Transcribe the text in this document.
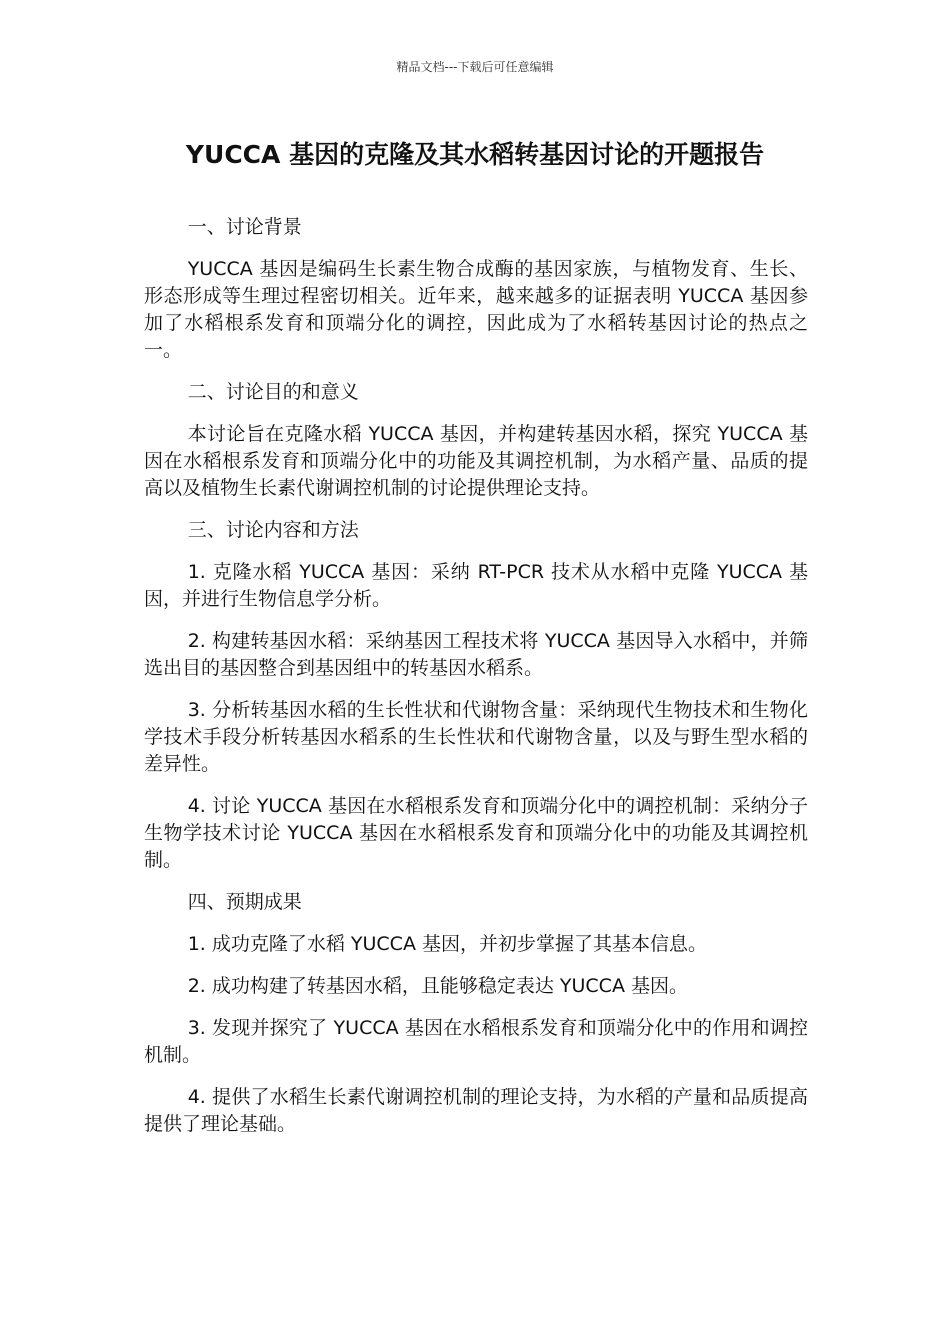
精品文档---下载后可任意编辑
YUCCA 基因的克隆及其水稻转基因讨论的开题报告

一、讨论背景

YUCCA 基因是编码生长素生物合成酶的基因家族，与植物发育、生长、形态形成等生理过程密切相关。近年来，越来越多的证据表明 YUCCA 基因参加了水稻根系发育和顶端分化的调控，因此成为了水稻转基因讨论的热点之一。

二、讨论目的和意义

本讨论旨在克隆水稻 YUCCA 基因，并构建转基因水稻，探究 YUCCA 基因在水稻根系发育和顶端分化中的功能及其调控机制，为水稻产量、品质的提高以及植物生长素代谢调控机制的讨论提供理论支持。

三、讨论内容和方法

1. 克隆水稻 YUCCA 基因：采纳 RT-PCR 技术从水稻中克隆 YUCCA 基因，并进行生物信息学分析。

2. 构建转基因水稻：采纳基因工程技术将 YUCCA 基因导入水稻中，并筛选出目的基因整合到基因组中的转基因水稻系。

3. 分析转基因水稻的生长性状和代谢物含量：采纳现代生物技术和生物化学技术手段分析转基因水稻系的生长性状和代谢物含量，以及与野生型水稻的差异性。

4. 讨论 YUCCA 基因在水稻根系发育和顶端分化中的调控机制：采纳分子生物学技术讨论 YUCCA 基因在水稻根系发育和顶端分化中的功能及其调控机制。

四、预期成果

1. 成功克隆了水稻 YUCCA 基因，并初步掌握了其基本信息。

2. 成功构建了转基因水稻，且能够稳定表达 YUCCA 基因。

3. 发现并探究了 YUCCA 基因在水稻根系发育和顶端分化中的作用和调控机制。

4. 提供了水稻生长素代谢调控机制的理论支持，为水稻的产量和品质提高提供了理论基础。
